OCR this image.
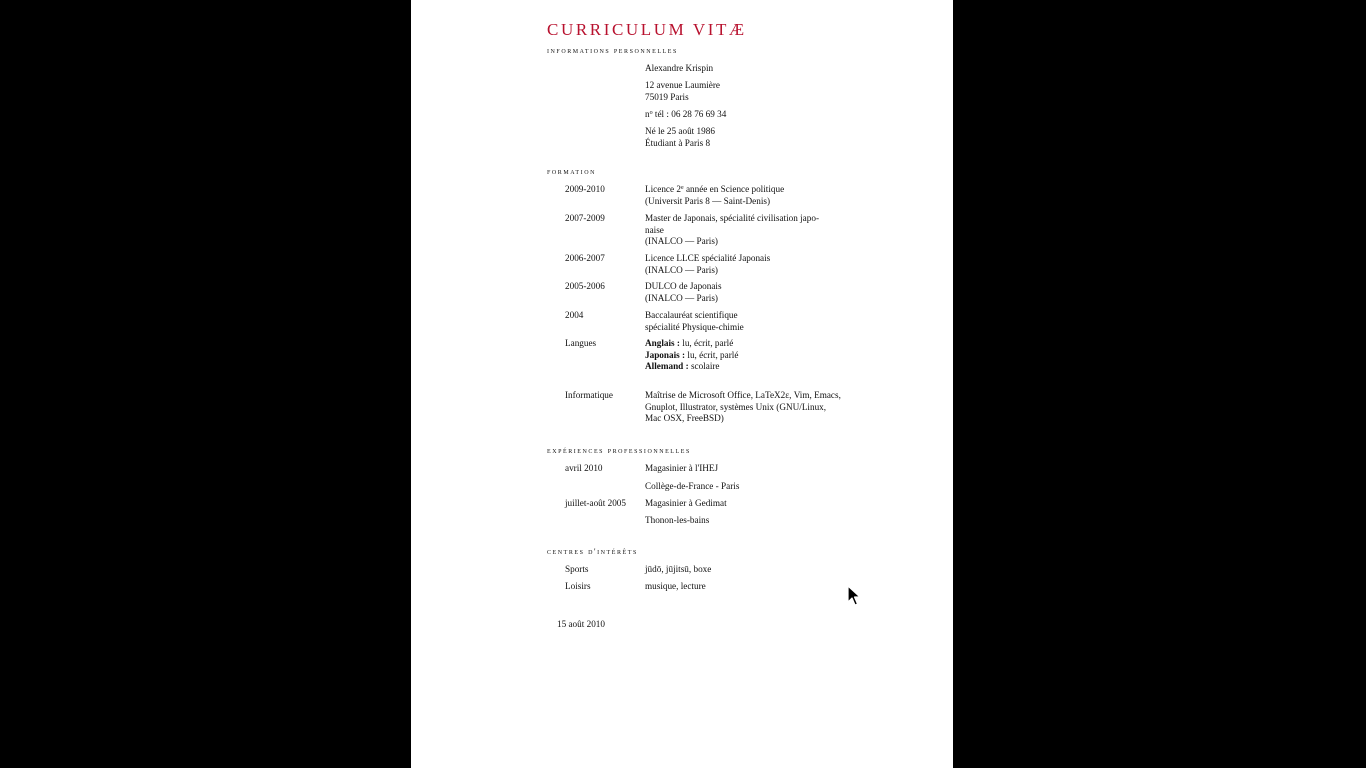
CURRICULUM VITÆ
informations personnelles
Alexandre Krispin
12 avenue Laumière
75019 Paris
$n^o$ tél : 06 28 76 69 34
Né le 25 août 1986
Étudiant à Paris 8
formation
2009-2010	Licence 2e année en Science politique
(Universit Paris 8 — Saint-Denis)
2007-2009	Master de Japonais, spécialité civilisation japo-
naise
(INALCO — Paris)
2006-2007	Licence LLCE spécialité Japonais
(INALCO — Paris)
2005-2006	DULCO de Japonais
(INALCO — Paris)
2004	Baccalauréat scientifique
spécialité Physique-chimie
Langues	Anglais : lu, écrit, parlé
Japonais : lu, écrit, parlé
Allemand : scolaire
Informatique	Maîtrise de Microsoft Office, LaTeX2ε, Vim, Emacs,
Gnuplot, Illustrator, systèmes Unix (GNU/Linux,
Mac OSX, FreeBSD)
expériences professionnelles
avril 2010	Magasinier à l'IHEJ
Collège-de-France - Paris
juillet-août 2005 Magasinier à Gedimat
Thonon-les-bains
centres d'intérêts
Sports	jūdō, jūjitsū, boxe
Loisirs	musique, lecture
15 août 2010
